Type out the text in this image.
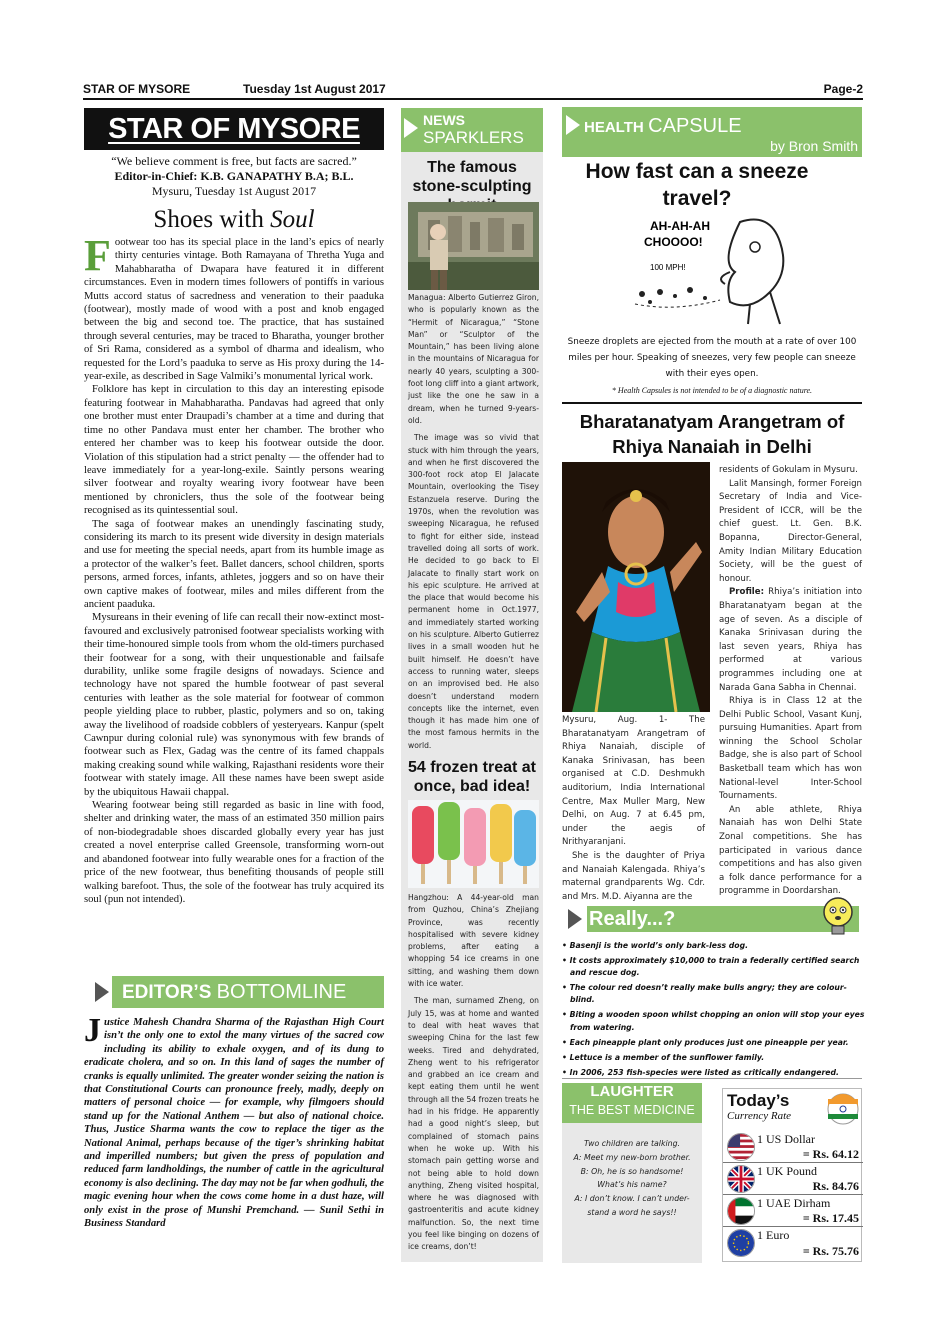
STAR OF MYSORE	Tuesday 1st August 2017	Page-2
STAR OF MYSORE
“We believe comment is free, but facts are sacred.”
Editor-in-Chief: K.B. GANAPATHY B.A; B.L.
Mysuru, Tuesday 1st August 2017
Shoes with Soul

Footwear too has its special place in the land’s epics of nearly thirty centuries vintage. Both Ramayana of Thretha Yuga and Mahabharatha of Dwapara have featured it in different circumstances. Even in modern times followers of pontiffs in various Mutts accord status of sacredness and veneration to their paaduka (footwear), mostly made of wood with a post and knob engaged between the big and second toe. The practice, that has sustained through several centuries, may be traced to Bharatha, younger brother of Sri Rama, considered as a symbol of dharma and idealism, who requested for the Lord’s paaduka to serve as His proxy during the 14-year-exile, as described in Sage Valmiki’s monumental lyrical work.

Folklore has kept in circulation to this day an interesting episode featuring footwear in Mahabharatha. Pandavas had agreed that only one brother must enter Draupadi’s chamber at a time and during that time no other Pandava must enter her chamber. The brother who entered her chamber was to keep his footwear outside the door. Violation of this stipulation had a strict penalty — the offender had to leave immediately for a year-long-exile. Saintly persons wearing silver footwear and royalty wearing ivory footwear have been mentioned by chroniclers, thus the sole of the footwear being recognised as its quintessential soul.

The saga of footwear makes an unendingly fascinating study, considering its march to its present wide diversity in design materials and use for meeting the special needs, apart from its humble image as a protector of the walker’s feet. Ballet dancers, school children, sports persons, armed forces, infants, athletes, joggers and so on have their own captive makes of footwear, miles and miles different from the ancient paaduka.

Mysureans in their evening of life can recall their now-extinct most-favoured and exclusively patronised footwear specialists working with their time-honoured simple tools from whom the old-timers purchased their footwear for a song, with their unquestionable and failsafe durability, unlike some fragile designs of nowadays. Science and technology have not spared the humble footwear of past several centuries with leather as the sole material for footwear of common people yielding place to rubber, plastic, polymers and so on, taking away the livelihood of roadside cobblers of yesteryears. Kanpur (spelt Cawnpur during colonial rule) was synonymous with few brands of footwear such as Flex, Gadag was the centre of its famed chappals making creaking sound while walking, Rajasthani residents wore their footwear with stately image. All these names have been swept aside by the ubiquitous Hawaii chappal.

Wearing footwear being still regarded as basic in line with food, shelter and drinking water, the mass of an estimated 350 million pairs of non-biodegradable shoes discarded globally every year has just created a novel enterprise called Greensole, transforming worn-out and abandoned footwear into fully wearable ones for a fraction of the price of the new footwear, thus benefiting thousands of people still walking barefoot. Thus, the sole of the footwear has truly acquired its soul (pun not intended).

EDITOR’S BOTTOMLINE
Justice Mahesh Chandra Sharma of the Rajasthan High Court isn’t the only one to extol the many virtues of the sacred cow including its ability to exhale oxygen, and of its dung to eradicate cholera, and so on. In this land of sages the number of cranks is equally unlimited. The greater wonder seizing the nation is that Constitutional Courts can pronounce freely, madly, deeply on matters of personal choice — for example, why filmgoers should stand up for the National Anthem — but also of national choice. Thus, Justice Sharma wants the cow to replace the tiger as the National Animal, perhaps because of the tiger’s shrinking habitat and imperilled numbers; but given the press of population and reduced farm landholdings, the number of cattle in the agricultural economy is also declining. The day may not be far when godhuli, the magic evening hour when the cows come home in a dust haze, will only exist in the prose of Munshi Premchand. — Sunil Sethi in Business Standard
NEWS
SPARKLERS
The famous stone-sculpting

Managua: Alberto Gutierrez Giron, who is popularly known as the “Hermit of Nicaragua,” “Stone Man” or “Sculptor of the Mountain,” has been living alone in the mountains of Nicaragua for nearly 40 years, sculpting a 300-foot long cliff into a giant artwork, just like the one he saw in a dream, when he turned 9-years-old.

The image was so vivid that stuck with him through the years, and when he first discovered the 300-foot rock atop El Jalacate Mountain, overlooking the Tisey Estanzuela reserve. During the 1970s, when the revolution was sweeping Nicaragua, he refused to fight for either side, instead travelled doing all sorts of work. He decided to go back to El Jalacate to finally start work on his epic sculpture. He arrived at the place that would become his permanent home in Oct.1977, and immediately started working on his sculpture. Alberto Gutierrez lives in a small wooden hut he built himself. He doesn’t have access to running water, sleeps on an improvised bed. He also doesn’t understand modern concepts like the internet, even though it has made him one of the most famous hermits in the world.

54 frozen treat at once, bad idea!

Hangzhou: A 44-year-old man from Quzhou, China’s Zhejiang Province, was recently hospitalised with severe kidney problems, after eating a whopping 54 ice creams in one sitting, and washing them down with ice water.

The man, surnamed Zheng, on July 15, was at home and wanted to deal with heat waves that sweeping China for the last few weeks. Tired and dehydrated, Zheng went to his refrigerator and grabbed an ice cream and kept eating them until he went through all the 54 frozen treats he had in his fridge. He apparently had a good night’s sleep, but complained of stomach pains when he woke up. With his stomach pain getting worse and not being able to hold down anything, Zheng visited hospital, where he was diagnosed with gastroenteritis and acute kidney malfunction. So, the next time you feel like binging on dozens of ice creams, don’t!

HEALTH CAPSULE
by Bron Smith
How fast can a sneeze travel?
AH-AH-AH
CHOOOO!
100 MPH!
Sneeze droplets are ejected from the mouth at a rate of over 100 miles per hour. Speaking of sneezes, very few people can sneeze with their eyes open.
* Health Capsules is not intended to be of a diagnostic nature.
Bharatanatyam Arangetram of Rhiya Nanaiah in Delhi

Mysuru, Aug. 1- The Bharatanatyam Arangetram of Rhiya Nanaiah, disciple of Kanaka Srinivasan, has been organised at C.D. Deshmukh auditorium, India International Centre, Max Muller Marg, New Delhi, on Aug. 7 at 6.45 pm, under the aegis of Nrithyaranjani.

She is the daughter of Priya and Nanaiah Kalengada. Rhiya’s maternal grandparents Wg. Cdr. and Mrs. M.D. Aiyanna are the

residents of Gokulam in Mysuru.

Lalit Mansingh, former Foreign Secretary of India and Vice-President of ICCR, will be the chief guest. Lt. Gen. B.K. Bopanna, Director-General, Amity Indian Military Education Society, will be the guest of honour.

Profile: Rhiya’s initiation into Bharatanatyam began at the age of seven. As a disciple of Kanaka Srinivasan during the last seven years, Rhiya has performed at various programmes including one at Narada Gana Sabha in Chennai.

Rhiya is in Class 12 at the Delhi Public School, Vasant Kunj, pursuing Humanities. Apart from winning the School Scholar Badge, she is also part of School Basketball team which has won National-level Inter-School Tournaments.

An able athlete, Rhiya Nanaiah has won Delhi State Zonal competitions. She has participated in various dance competitions and has also given a folk dance performance for a programme in Doordarshan.

Really...?
• Basenji is the world’s only bark-less dog.
• It costs approximately $10,000 to train a federally certified search and rescue dog.
• The colour red doesn’t really make bulls angry; they are colour-blind.
• Biting a wooden spoon whilst chopping an onion will stop your eyes from watering.
• Each pineapple plant only produces just one pineapple per year.
• Lettuce is a member of the sunflower family.
• In 2006, 253 fish-species were listed as critically endangered.
LAUGHTER
THE BEST MEDICINE
Two children are talking.
A: Meet my new-born brother.
B: Oh, he is so handsome!
What’s his name?
A: I don’t know. I can’t under-
stand a word he says!!
Today’s
Currency Rate
1 US Dollar
= Rs. 64.12
1 UK Pound
Rs. 84.76
1 UAE Dirham
= Rs. 17.45
1 Euro
= Rs. 75.76
